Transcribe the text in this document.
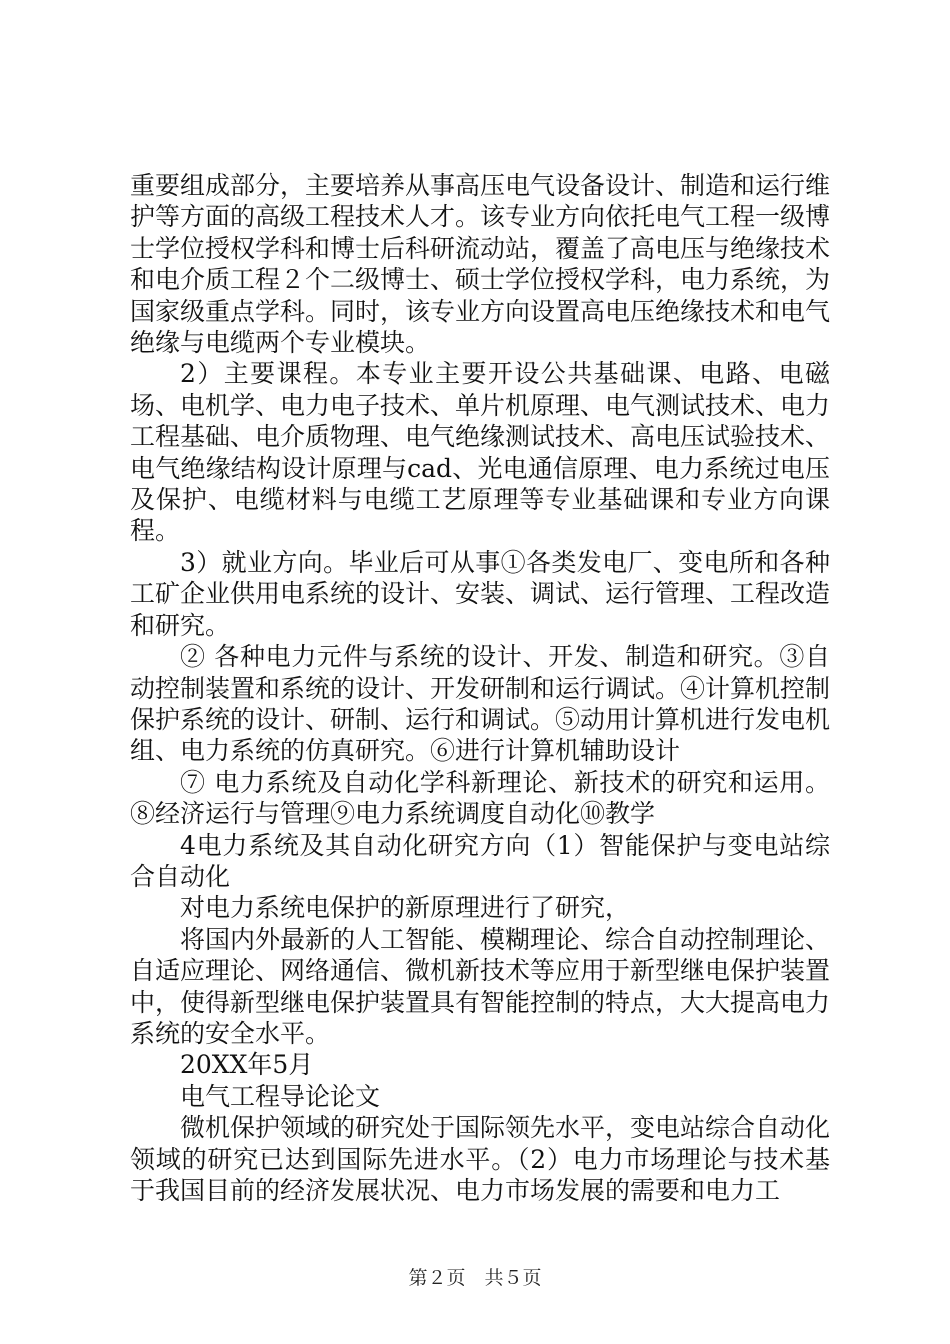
重要组成部分，主要培养从事高压电气设备设计、制造和运行维护等方面的高级工程技术人才。该专业方向依托电气工程一级博士学位授权学科和博士后科研流动站，覆盖了高电压与绝缘技术和电介质工程２个二级博士、硕士学位授权学科，电力系统，为国家级重点学科。同时，该专业方向设置高电压绝缘技术和电气绝缘与电缆两个专业模块。

2）主要课程。本专业主要开设公共基础课、电路、电磁场、电机学、电力电子技术、单片机原理、电气测试技术、电力工程基础、电介质物理、电气绝缘测试技术、高电压试验技术、电气绝缘结构设计原理与cad、光电通信原理、电力系统过电压及保护、电缆材料与电缆工艺原理等专业基础课和专业方向课程。

3）就业方向。毕业后可从事①各类发电厂、变电所和各种工矿企业供用电系统的设计、安装、调试、运行管理、工程改造和研究。

② 各种电力元件与系统的设计、开发、制造和研究。③自动控制装置和系统的设计、开发研制和运行调试。④计算机控制保护系统的设计、研制、运行和调试。⑤动用计算机进行发电机组、电力系统的仿真研究。⑥进行计算机辅助设计

⑦ 电力系统及自动化学科新理论、新技术的研究和运用。⑧经济运行与管理⑨电力系统调度自动化⑩教学

4电力系统及其自动化研究方向（1）智能保护与变电站综合自动化

对电力系统电保护的新原理进行了研究，

将国内外最新的人工智能、模糊理论、综合自动控制理论、自适应理论、网络通信、微机新技术等应用于新型继电保护装置中，使得新型继电保护装置具有智能控制的特点，大大提高电力系统的安全水平。

20XX年5月

电气工程导论论文

微机保护领域的研究处于国际领先水平，变电站综合自动化领域的研究已达到国际先进水平。（2）电力市场理论与技术基于我国目前的经济发展状况、电力市场发展的需要和电力工

第２页　共５页
